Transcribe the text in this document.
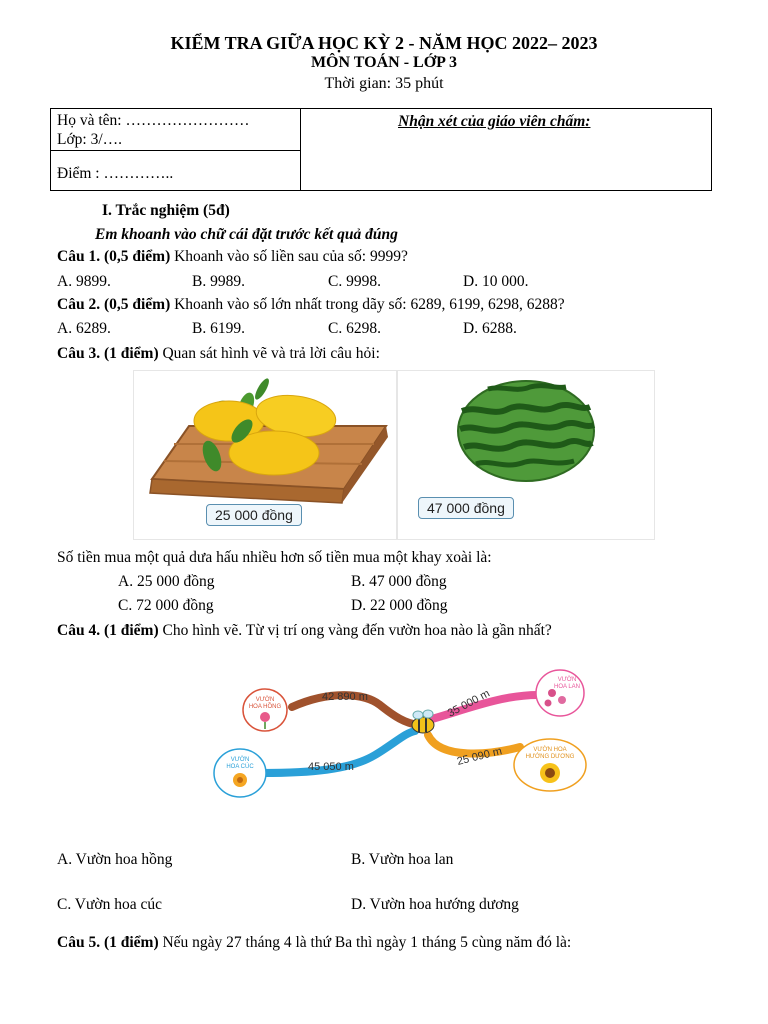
KIỂM TRA GIỮA HỌC KỲ 2 - NĂM HỌC 2022– 2023
MÔN TOÁN - LỚP 3
Thời gian: 35 phút
Họ và tên: ……………………
Lớp: 3/….
Điểm : …………..
Nhận xét của giáo viên chấm:
I. Trắc nghiệm (5đ)
Em khoanh vào chữ cái đặt trước kết quả đúng
Câu 1. (0,5 điểm) Khoanh vào số liền sau của số: 9999?
A. 9899.	B. 9989.	C. 9998.	D. 10 000.
Câu 2. (0,5 điểm) Khoanh vào số lớn nhất trong dãy số: 6289, 6199, 6298, 6288?
A. 6289.	B. 6199.	C. 6298.	D. 6288.
Câu 3. (1 điểm) Quan sát hình vẽ và trả lời câu hỏi:
25 000 đồng	47 000 đồng
Số tiền mua một quả dưa hấu nhiều hơn số tiền mua một khay xoài là:
A. 25 000 đồng	B. 47 000 đồng
C. 72 000 đồng	D. 22 000 đồng
Câu 4. (1 điểm) Cho hình vẽ. Từ vị trí ong vàng đến vườn hoa nào là gần nhất?
42 890 m	35 000 m
45 050 m	25 090 m
VƯỜN
HOA HỒNG
VƯỜN
HOA LAN
VƯỜN
HOA CÚC
VƯỜN HOA
HƯỚNG DƯƠNG
A. Vườn hoa hồng	B. Vườn hoa lan
C. Vườn hoa cúc	D. Vườn hoa hướng dương
Câu 5. (1 điểm) Nếu ngày 27 tháng 4 là thứ Ba thì ngày 1 tháng 5 cùng năm đó là:
